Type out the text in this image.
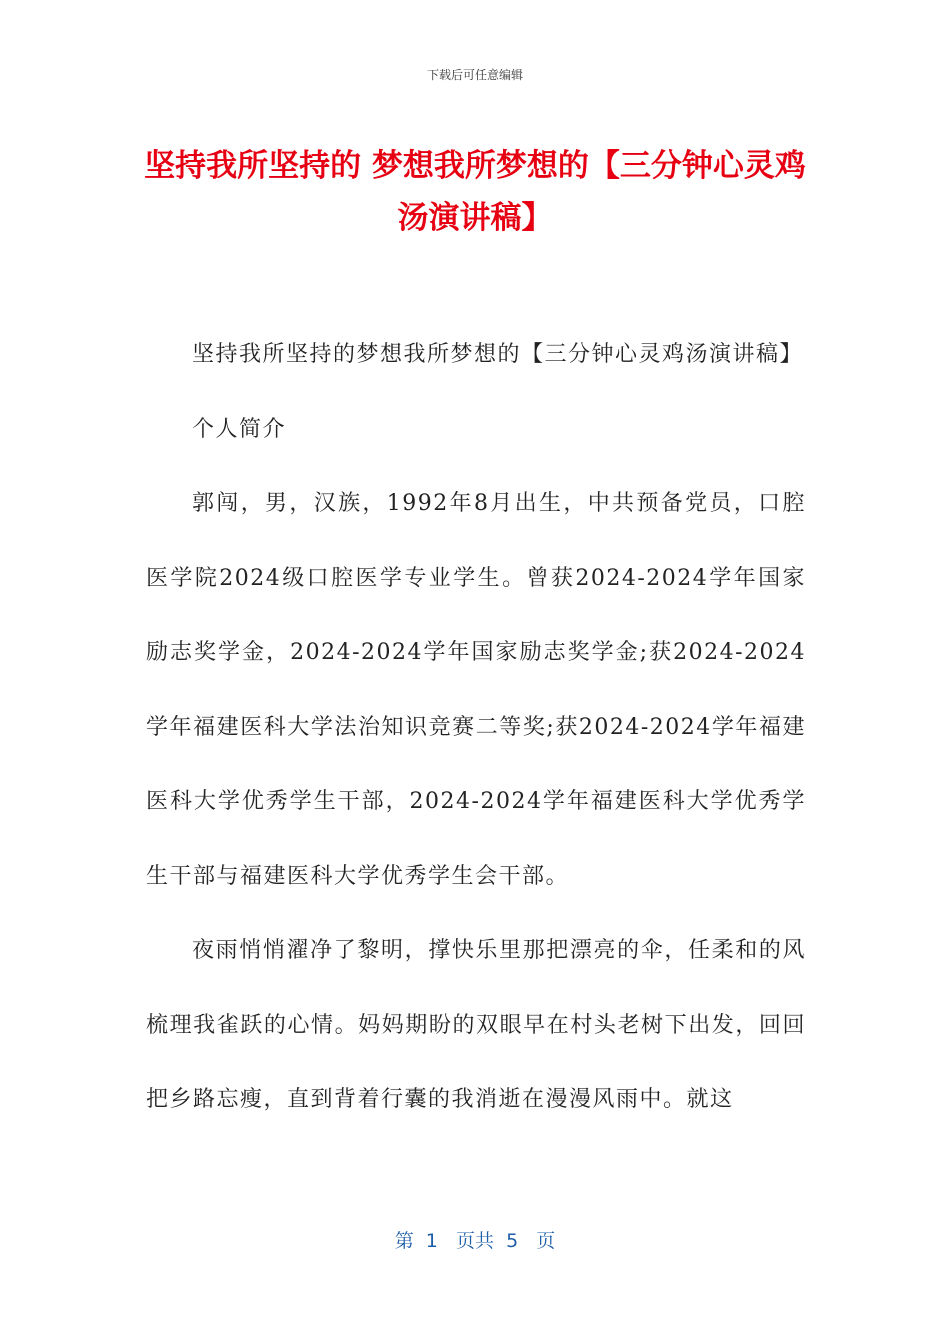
下载后可任意编辑
坚持我所坚持的 梦想我所梦想的【三分钟心灵鸡汤演讲稿】

坚持我所坚持的梦想我所梦想的【三分钟心灵鸡汤演讲稿】

个人简介

郭闯，男，汉族，1992年8月出生，中共预备党员，口腔医学院2024级口腔医学专业学生。曾获2024-2024学年国家励志奖学金，2024-2024学年国家励志奖学金;获2024-2024学年福建医科大学法治知识竞赛二等奖;获2024-2024学年福建医科大学优秀学生干部，2024-2024学年福建医科大学优秀学生干部与福建医科大学优秀学生会干部。

夜雨悄悄濯净了黎明，撑快乐里那把漂亮的伞，任柔和的风梳理我雀跃的心情。妈妈期盼的双眼早在村头老树下出发，回回把乡路忘瘦，直到背着行囊的我消逝在漫漫风雨中。就这

第  1   页共  5   页
